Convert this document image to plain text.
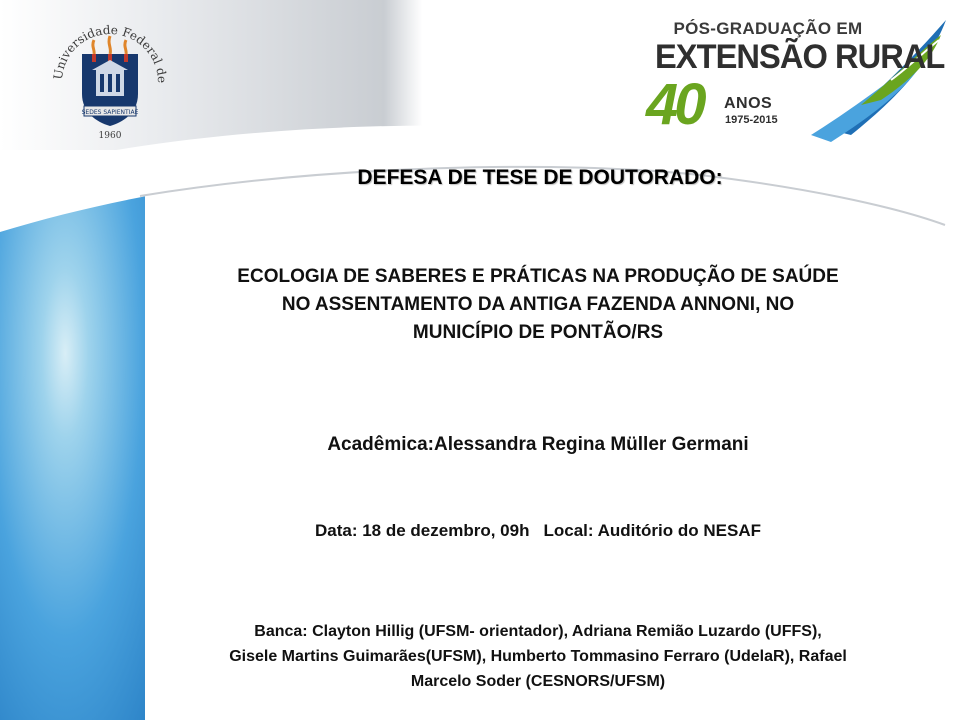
Universidade Federal de
SEDES SAPIENTIAE
1960
PÓS-GRADUAÇÃO EM
EXTENSÃO RURAL
40 ANOS
1975-2015
DEFESA DE TESE DE DOUTORADO:
ECOLOGIA DE SABERES E PRÁTICAS NA PRODUÇÃO DE SAÚDE
NO ASSENTAMENTO DA ANTIGA FAZENDA ANNONI, NO
MUNICÍPIO DE PONTÃO/RS
Acadêmica:Alessandra Regina Müller Germani
Data: 18 de dezembro, 09h Local: Auditório do NESAF
Banca: Clayton Hillig (UFSM- orientador), Adriana Remião Luzardo (UFFS),
Gisele Martins Guimarães(UFSM), Humberto Tommasino Ferraro (UdelaR), Rafael
Marcelo Soder (CESNORS/UFSM)
